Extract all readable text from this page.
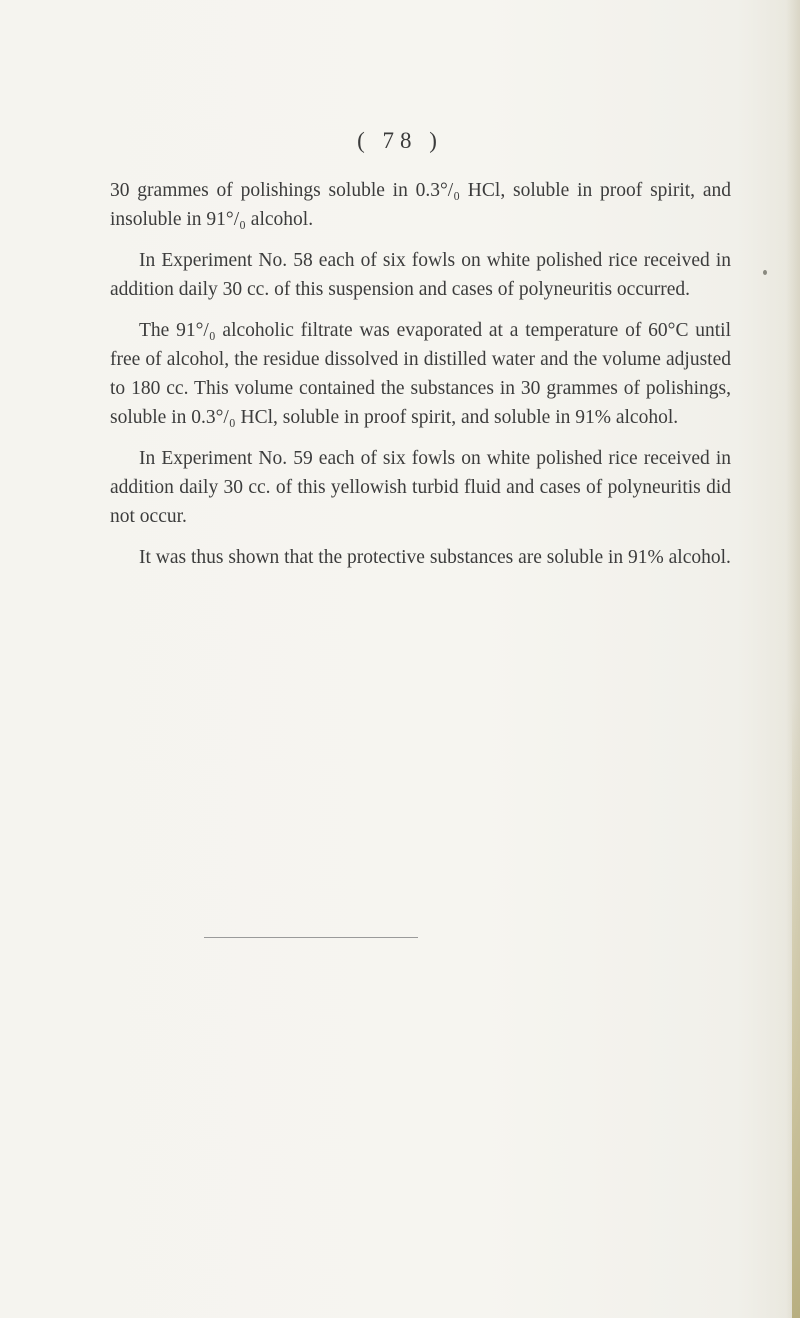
( 78 )

30 grammes of polishings soluble in 0.3°/₀ HCl, soluble in proof spirit, and insoluble in 91°/₀ alcohol.

In Experiment No. 58 each of six fowls on white polished rice received in addition daily 30 cc. of this suspension and cases of polyneuritis occurred.

The 91°/₀ alcoholic filtrate was evaporated at a temperature of 60°C until free of alcohol, the residue dissolved in distilled water and the volume adjusted to 180 cc. This volume contained the substances in 30 grammes of polishings, soluble in 0.3°/₀ HCl, soluble in proof spirit, and soluble in 91% alcohol.

In Experiment No. 59 each of six fowls on white polished rice received in addition daily 30 cc. of this yellowish turbid fluid and cases of polyneuritis did not occur.

It was thus shown that the protective substances are soluble in 91% alcohol.
